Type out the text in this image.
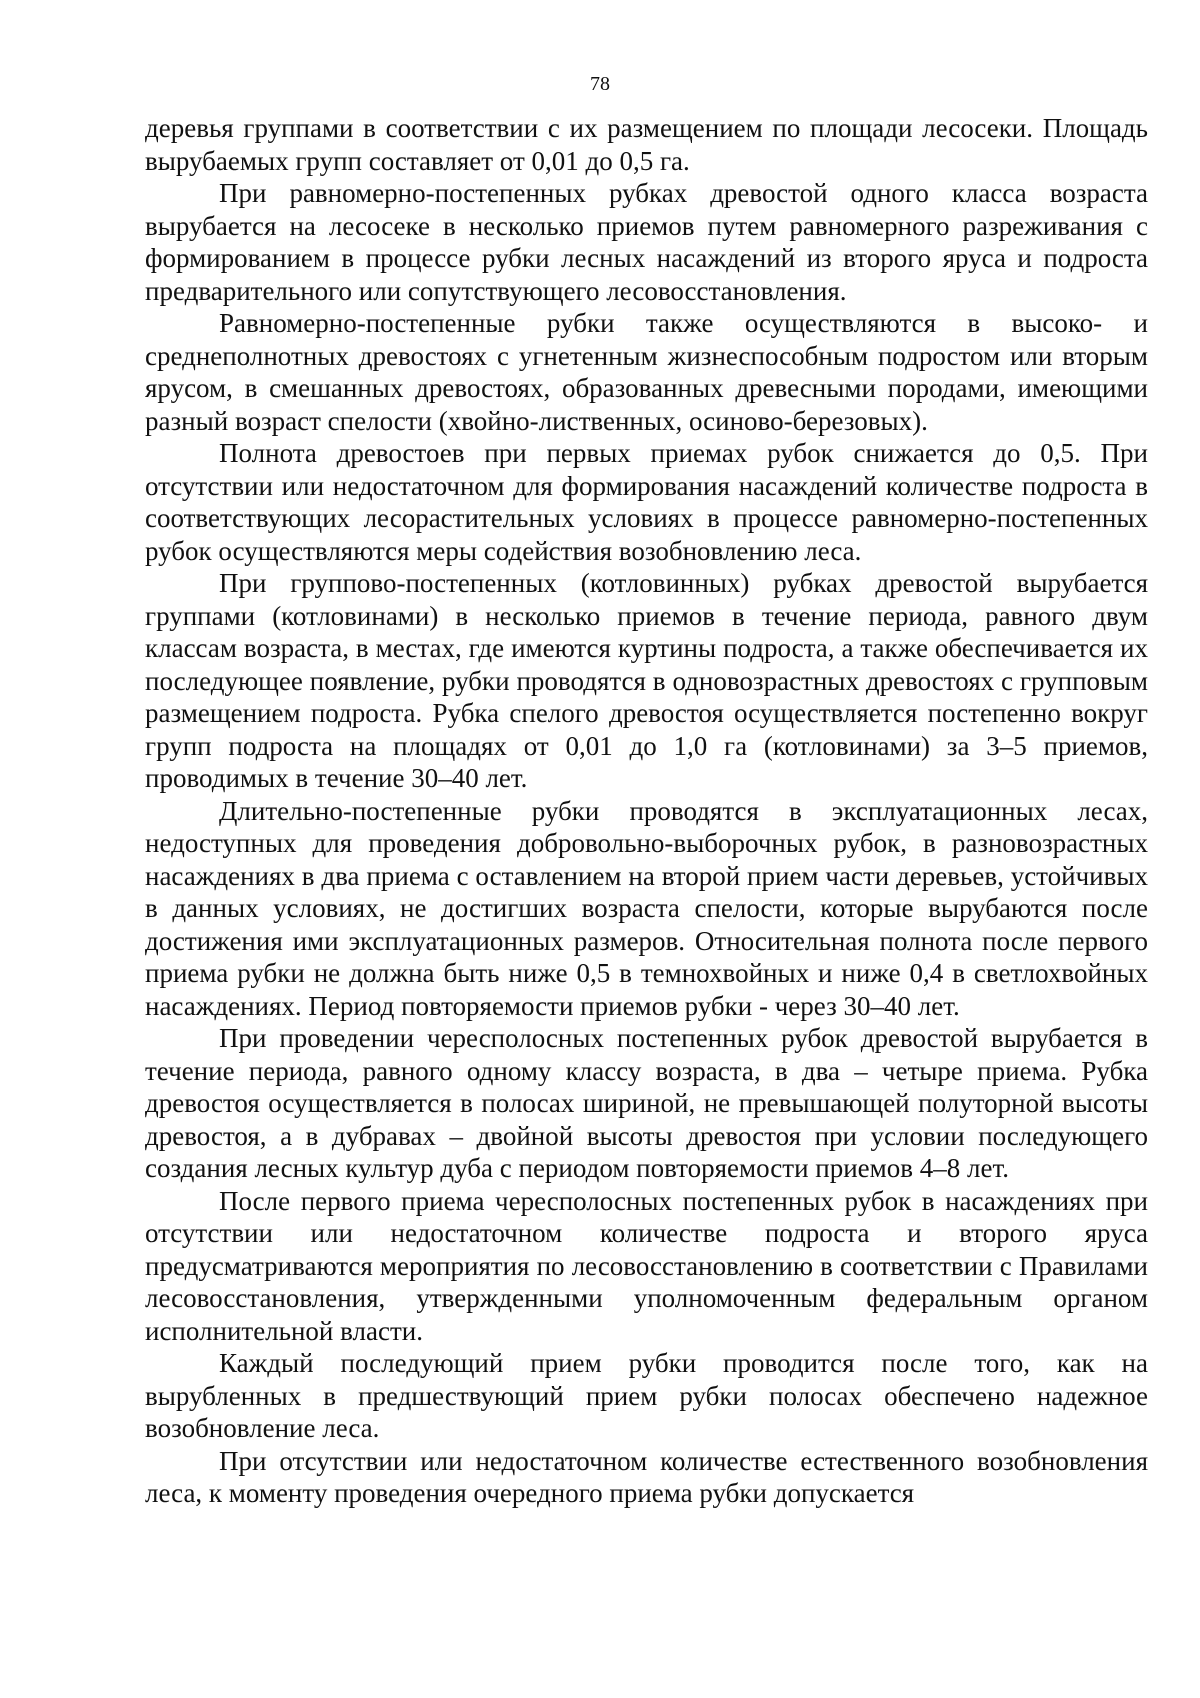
78

деревья группами в соответствии с их размещением по площади лесосеки. Площадь вырубаемых групп составляет от 0,01 до 0,5 га.

При равномерно-постепенных рубках древостой одного класса возраста вырубается на лесосеке в несколько приемов путем равномерного разреживания с формированием в процессе рубки лесных насаждений из второго яруса и подроста предварительного или сопутствующего лесовосстановления.

Равномерно-постепенные рубки также осуществляются в высоко- и среднеполнотных древостоях с угнетенным жизнеспособным подростом или вторым ярусом, в смешанных древостоях, образованных древесными породами, имеющими разный возраст спелости (хвойно-лиственных, осиново-березовых).

Полнота древостоев при первых приемах рубок снижается до 0,5. При отсутствии или недостаточном для формирования насаждений количестве подроста в соответствующих лесорастительных условиях в процессе равномерно-постепенных рубок осуществляются меры содействия возобновлению леса.

При группово-постепенных (котловинных) рубках древостой вырубается группами (котловинами) в несколько приемов в течение периода, равного двум классам возраста, в местах, где имеются куртины подроста, а также обеспечивается их последующее появление, рубки проводятся в одновозрастных древостоях с групповым размещением подроста. Рубка спелого древостоя осуществляется постепенно вокруг групп подроста на площадях от 0,01 до 1,0 га (котловинами) за 3–5 приемов, проводимых в течение 30–40 лет.

Длительно-постепенные рубки проводятся в эксплуатационных лесах, недоступных для проведения добровольно-выборочных рубок, в разновозрастных насаждениях в два приема с оставлением на второй прием части деревьев, устойчивых в данных условиях, не достигших возраста спелости, которые вырубаются после достижения ими эксплуатационных размеров. Относительная полнота после первого приема рубки не должна быть ниже 0,5 в темнохвойных и ниже 0,4 в светлохвойных насаждениях. Период повторяемости приемов рубки - через 30–40 лет.

При проведении чересполосных постепенных рубок древостой вырубается в течение периода, равного одному классу возраста, в два – четыре приема. Рубка древостоя осуществляется в полосах шириной, не превышающей полуторной высоты древостоя, а в дубравах – двойной высоты древостоя при условии последующего создания лесных культур дуба с периодом повторяемости приемов 4–8 лет.

После первого приема чересполосных постепенных рубок в насаждениях при отсутствии или недостаточном количестве подроста и второго яруса предусматриваются мероприятия по лесовосстановлению в соответствии с Правилами лесовосстановления, утвержденными уполномоченным федеральным органом исполнительной власти.

Каждый последующий прием рубки проводится после того, как на вырубленных в предшествующий прием рубки полосах обеспечено надежное возобновление леса.

При отсутствии или недостаточном количестве естественного возобновления леса, к моменту проведения очередного приема рубки допускается
